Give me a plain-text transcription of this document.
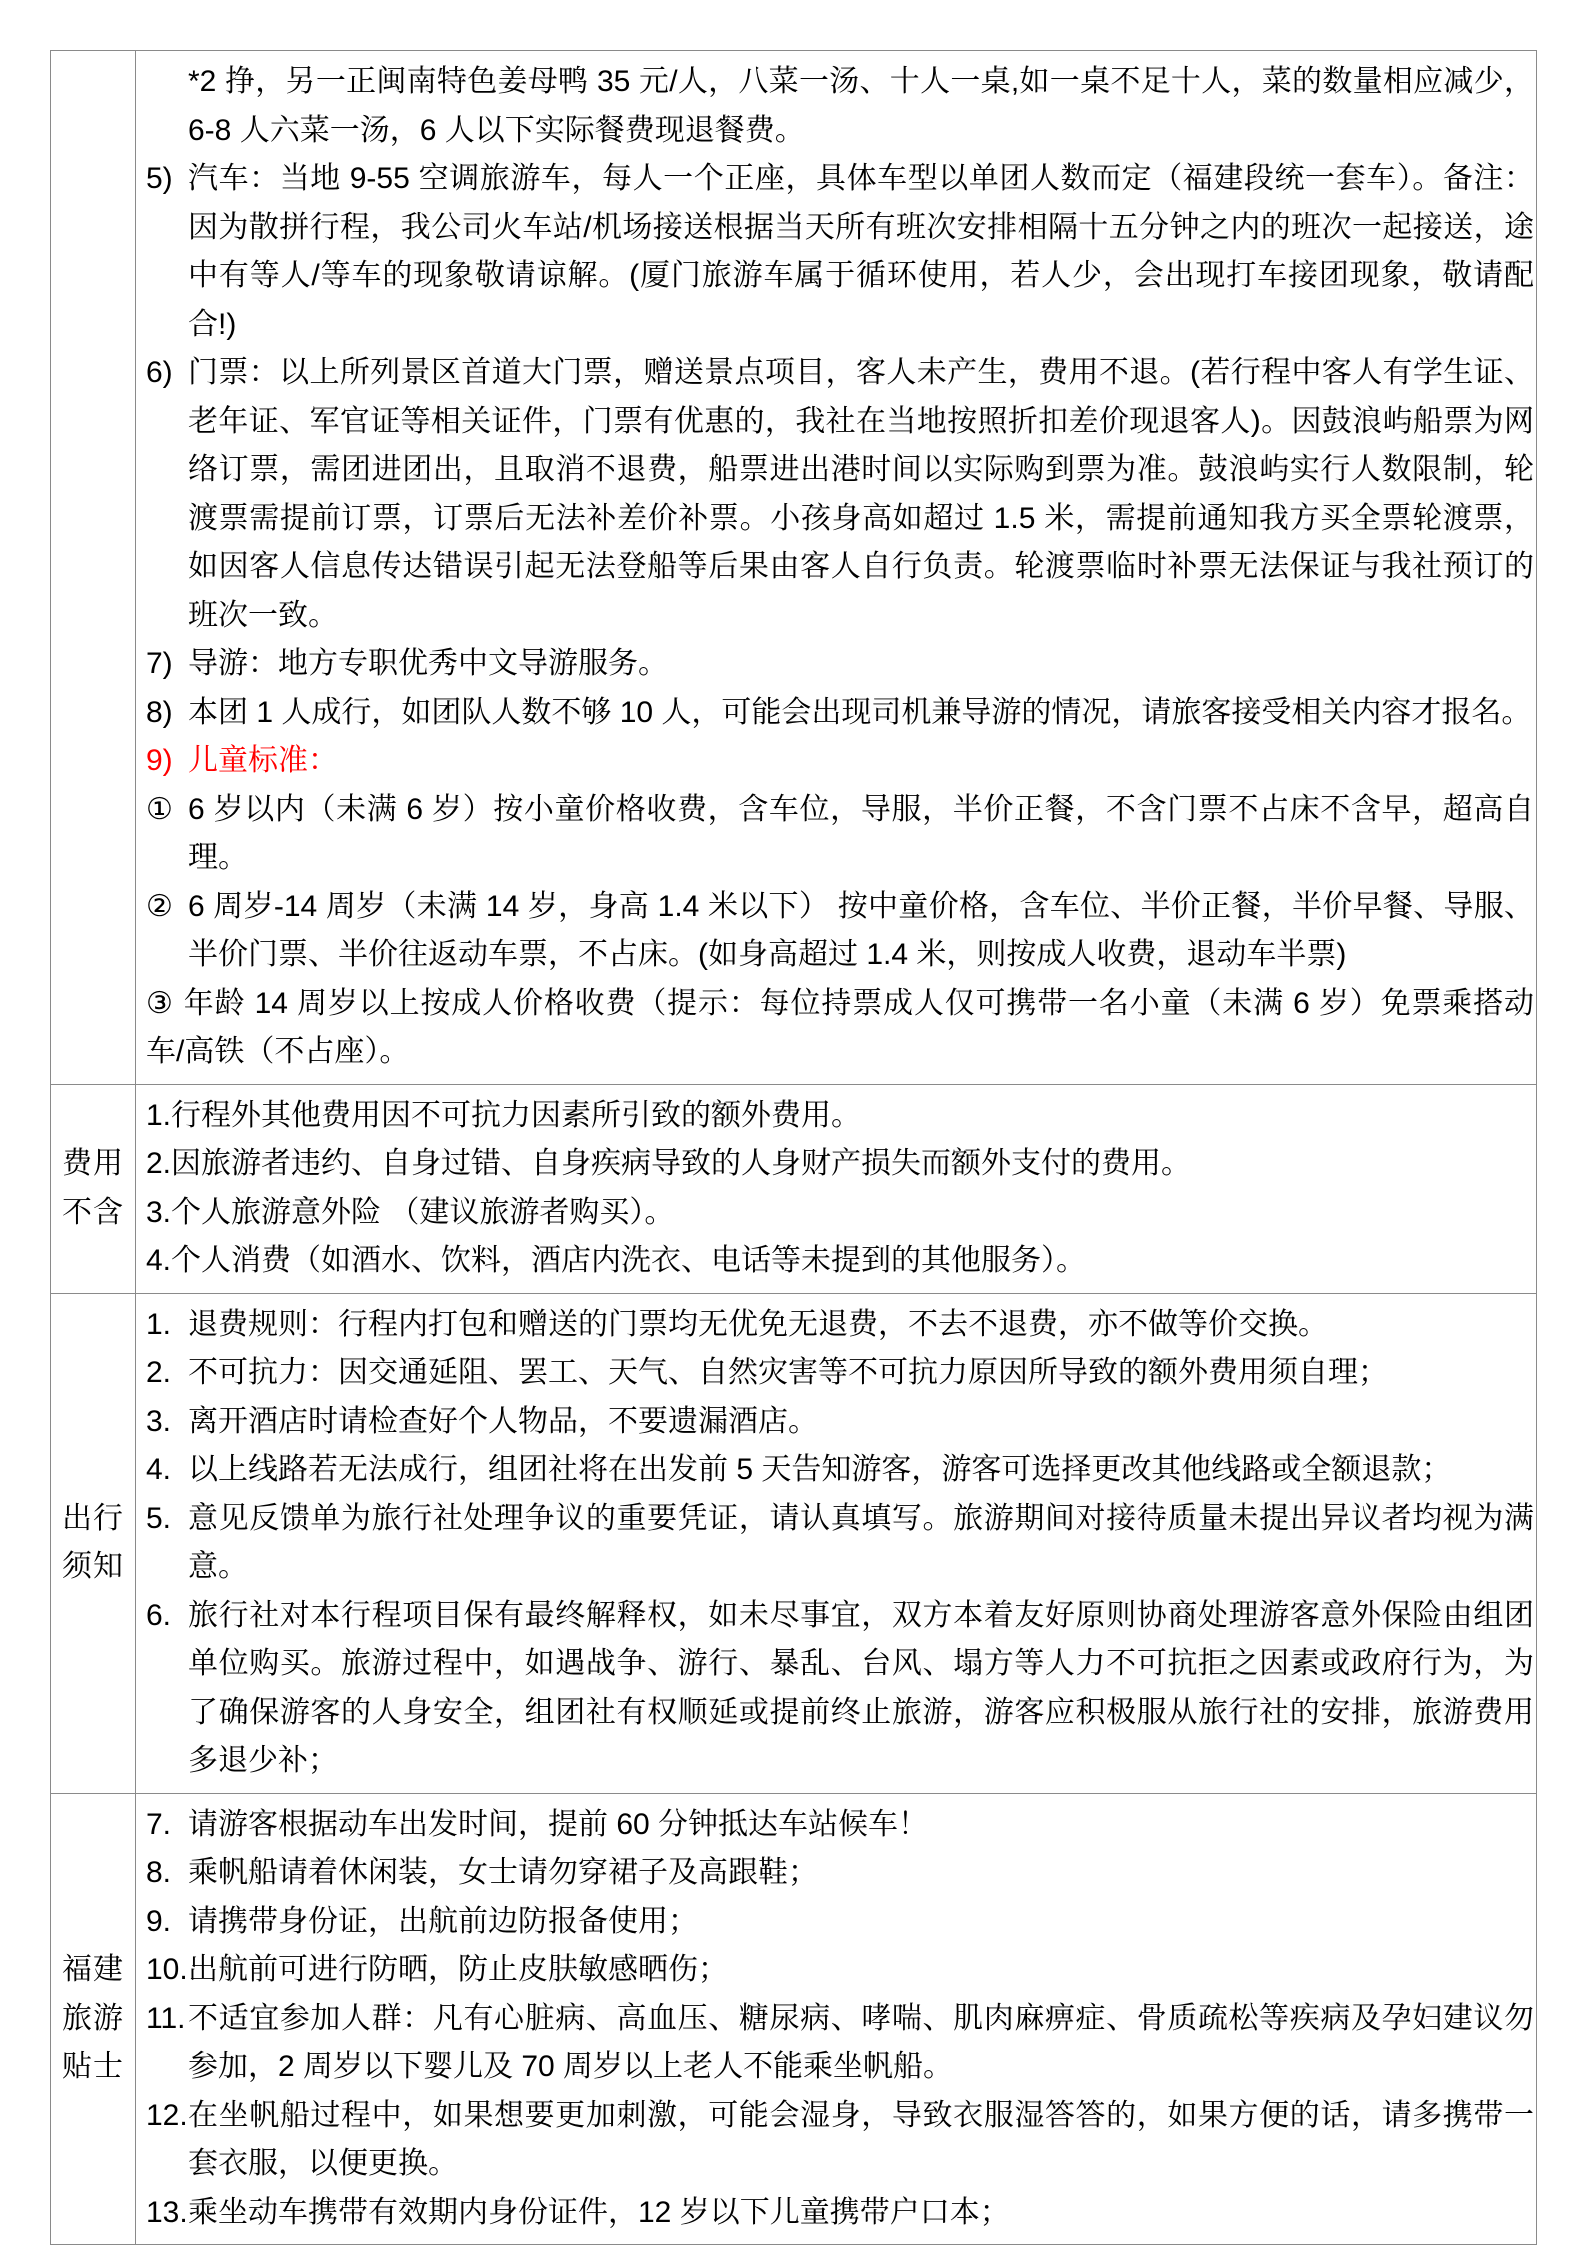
*2 挣，另一正闽南特色姜母鸭 35 元/人，八菜一汤、十人一桌,如一桌不足十人，菜的数量相应减少，6-8 人六菜一汤，6 人以下实际餐费现退餐费。
5) 汽车：当地 9-55 空调旅游车，每人一个正座，具体车型以单团人数而定（福建段统一套车）。备注：因为散拼行程，我公司火车站/机场接送根据当天所有班次安排相隔十五分钟之内的班次一起接送，途中有等人/等车的现象敬请谅解。(厦门旅游车属于循环使用，若人少，会出现打车接团现象，敬请配合!)
6) 门票：以上所列景区首道大门票，赠送景点项目，客人未产生，费用不退。(若行程中客人有学生证、老年证、军官证等相关证件，门票有优惠的，我社在当地按照折扣差价现退客人)。因鼓浪屿船票为网络订票，需团进团出，且取消不退费，船票进出港时间以实际购到票为准。鼓浪屿实行人数限制，轮渡票需提前订票，订票后无法补差价补票。小孩身高如超过 1.5 米，需提前通知我方买全票轮渡票，如因客人信息传达错误引起无法登船等后果由客人自行负责。轮渡票临时补票无法保证与我社预订的班次一致。
7) 导游：地方专职优秀中文导游服务。
8) 本团 1 人成行，如团队人数不够 10 人，可能会出现司机兼导游的情况，请旅客接受相关内容才报名。
9) 儿童标准：
① 6 岁以内（未满 6 岁）按小童价格收费，含车位，导服，半价正餐，不含门票不占床不含早，超高自理。
② 6 周岁-14 周岁（未满 14 岁，身高 1.4 米以下） 按中童价格，含车位、半价正餐，半价早餐、导服、半价门票、半价往返动车票，不占床。(如身高超过 1.4 米，则按成人收费，退动车半票)
③ 年龄 14 周岁以上按成人价格收费（提示：每位持票成人仅可携带一名小童（未满 6 岁）免票乘搭动车/高铁（不占座）。
费用
不含
1.行程外其他费用因不可抗力因素所引致的额外费用。
2.因旅游者违约、自身过错、自身疾病导致的人身财产损失而额外支付的费用。
3.个人旅游意外险 （建议旅游者购买）。
4.个人消费（如酒水、饮料，酒店内洗衣、电话等未提到的其他服务）。
出行
须知
1. 退费规则：行程内打包和赠送的门票均无优免无退费，不去不退费，亦不做等价交换。
2. 不可抗力：因交通延阻、罢工、天气、自然灾害等不可抗力原因所导致的额外费用须自理；
3. 离开酒店时请检查好个人物品，不要遗漏酒店。
4. 以上线路若无法成行，组团社将在出发前 5 天告知游客，游客可选择更改其他线路或全额退款；
5. 意见反馈单为旅行社处理争议的重要凭证，请认真填写。旅游期间对接待质量未提出异议者均视为满意。
6. 旅行社对本行程项目保有最终解释权，如未尽事宜，双方本着友好原则协商处理游客意外保险由组团单位购买。旅游过程中，如遇战争、游行、暴乱、台风、塌方等人力不可抗拒之因素或政府行为，为了确保游客的人身安全，组团社有权顺延或提前终止旅游，游客应积极服从旅行社的安排，旅游费用多退少补；
福建
旅游
贴士
7. 请游客根据动车出发时间，提前 60 分钟抵达车站候车！
8. 乘帆船请着休闲装，女士请勿穿裙子及高跟鞋；
9. 请携带身份证，出航前边防报备使用；
10. 出航前可进行防晒，防止皮肤敏感晒伤；
11. 不适宜参加人群：凡有心脏病、高血压、糖尿病、哮喘、肌肉麻痹症、骨质疏松等疾病及孕妇建议勿参加，2 周岁以下婴儿及 70 周岁以上老人不能乘坐帆船。
12. 在坐帆船过程中，如果想要更加刺激，可能会湿身，导致衣服湿答答的，如果方便的话，请多携带一套衣服，以便更换。
13. 乘坐动车携带有效期内身份证件，12 岁以下儿童携带户口本；
